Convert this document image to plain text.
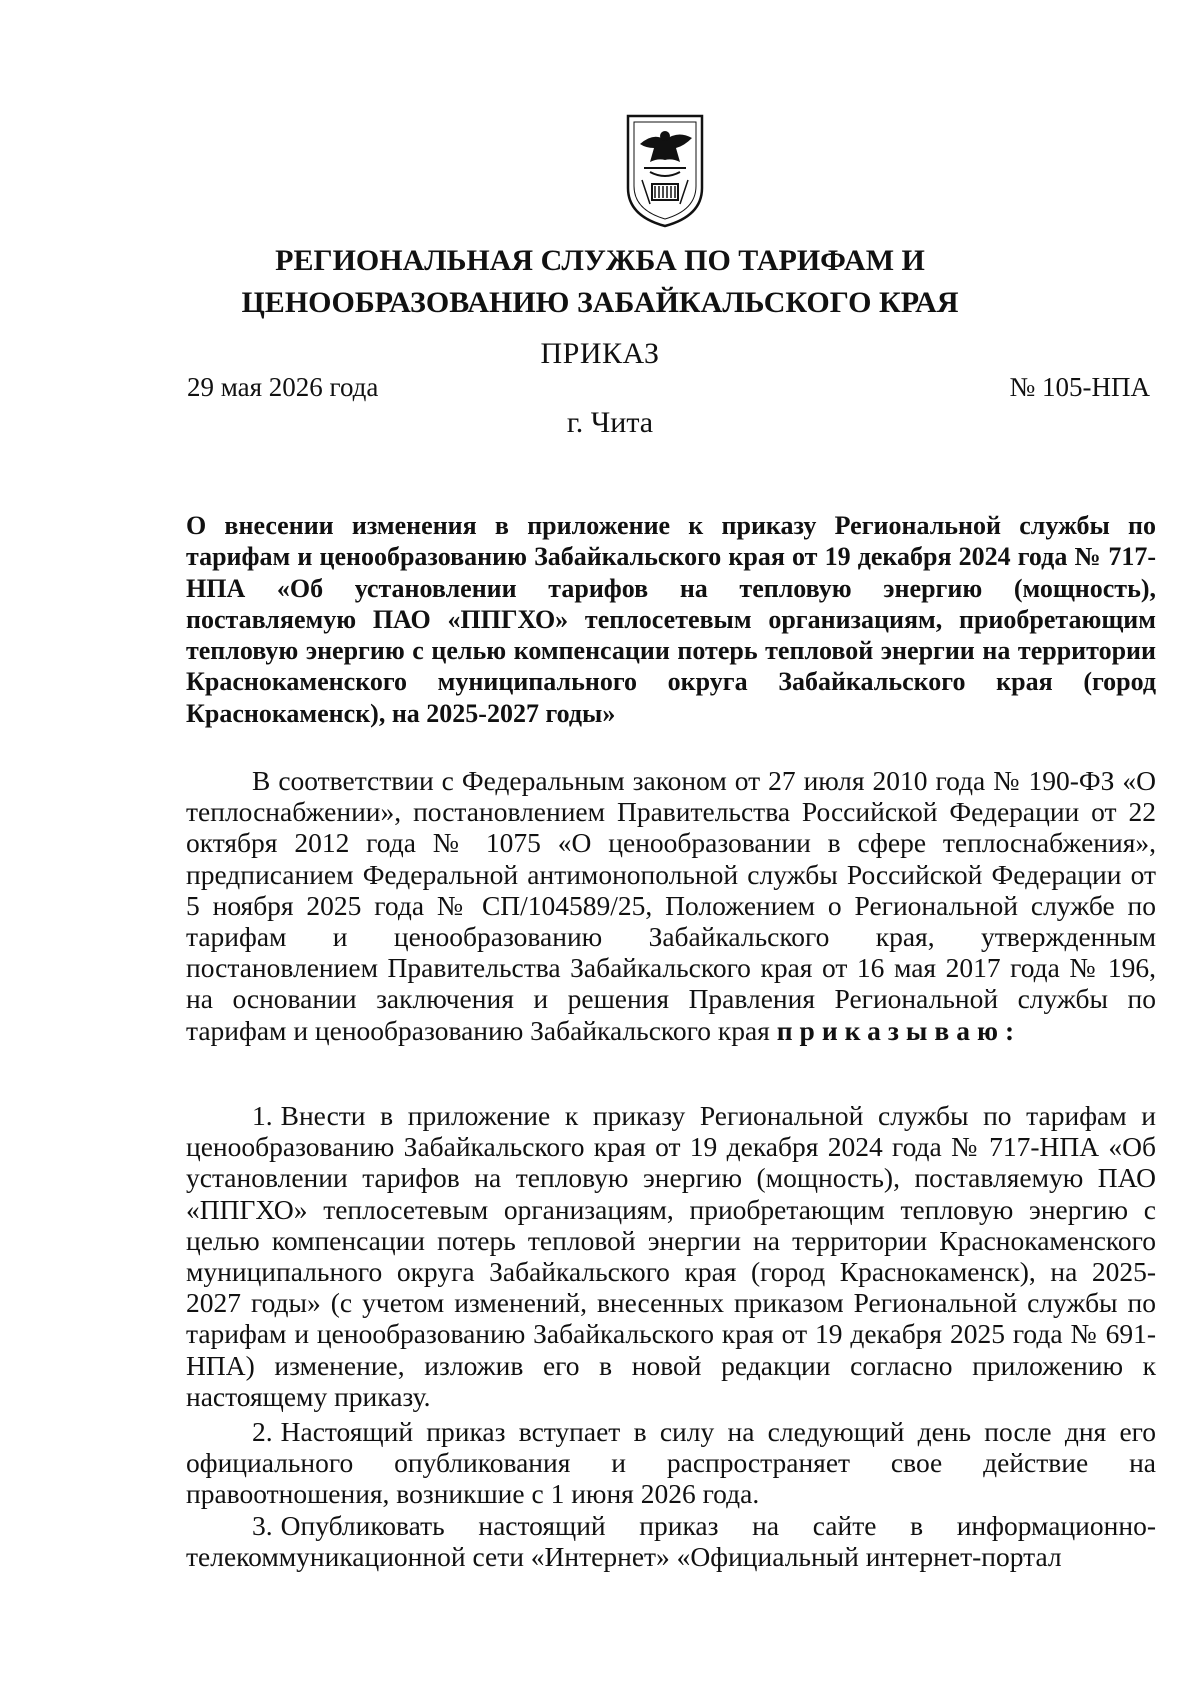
РЕГИОНАЛЬНАЯ СЛУЖБА ПО ТАРИФАМ И
ЦЕНООБРАЗОВАНИЮ ЗАБАЙКАЛЬСКОГО КРАЯ
ПРИКАЗ
29 мая 2026 года	№ 105-НПА
г. Чита

О внесении изменения в приложение к приказу Региональной службы по тарифам и ценообразованию Забайкальского края от 19 декабря 2024 года № 717-НПА «Об установлении тарифов на тепловую энергию (мощность), поставляемую ПАО «ППГХО» теплосетевым организациям, приобретающим тепловую энергию с целью компенсации потерь тепловой энергии на территории Краснокаменского муниципального округа Забайкальского края (город Краснокаменск), на 2025-2027 годы»

В соответствии с Федеральным законом от 27 июля 2010 года № 190-ФЗ «О теплоснабжении», постановлением Правительства Российской Федерации от 22 октября 2012 года № 1075 «О ценообразовании в сфере теплоснабжения», предписанием Федеральной антимонопольной службы Российской Федерации от 5 ноября 2025 года № СП/104589/25, Положением о Региональной службе по тарифам и ценообразованию Забайкальского края, утвержденным постановлением Правительства Забайкальского края от 16 мая 2017 года № 196, на основании заключения и решения Правления Региональной службы по тарифам и ценообразованию Забайкальского края приказываю:

1. Внести в приложение к приказу Региональной службы по тарифам и ценообразованию Забайкальского края от 19 декабря 2024 года № 717-НПА «Об установлении тарифов на тепловую энергию (мощность), поставляемую ПАО «ППГХО» теплосетевым организациям, приобретающим тепловую энергию с целью компенсации потерь тепловой энергии на территории Краснокаменского муниципального округа Забайкальского края (город Краснокаменск), на 2025-2027 годы» (с учетом изменений, внесенных приказом Региональной службы по тарифам и ценообразованию Забайкальского края от 19 декабря 2025 года № 691-НПА) изменение, изложив его в новой редакции согласно приложению к настоящему приказу.

2. Настоящий приказ вступает в силу на следующий день после дня его официального опубликования и распространяет свое действие на правоотношения, возникшие с 1 июня 2026 года.

3. Опубликовать настоящий приказ на сайте в информационно-телекоммуникационной сети «Интернет» «Официальный интернет-портал
